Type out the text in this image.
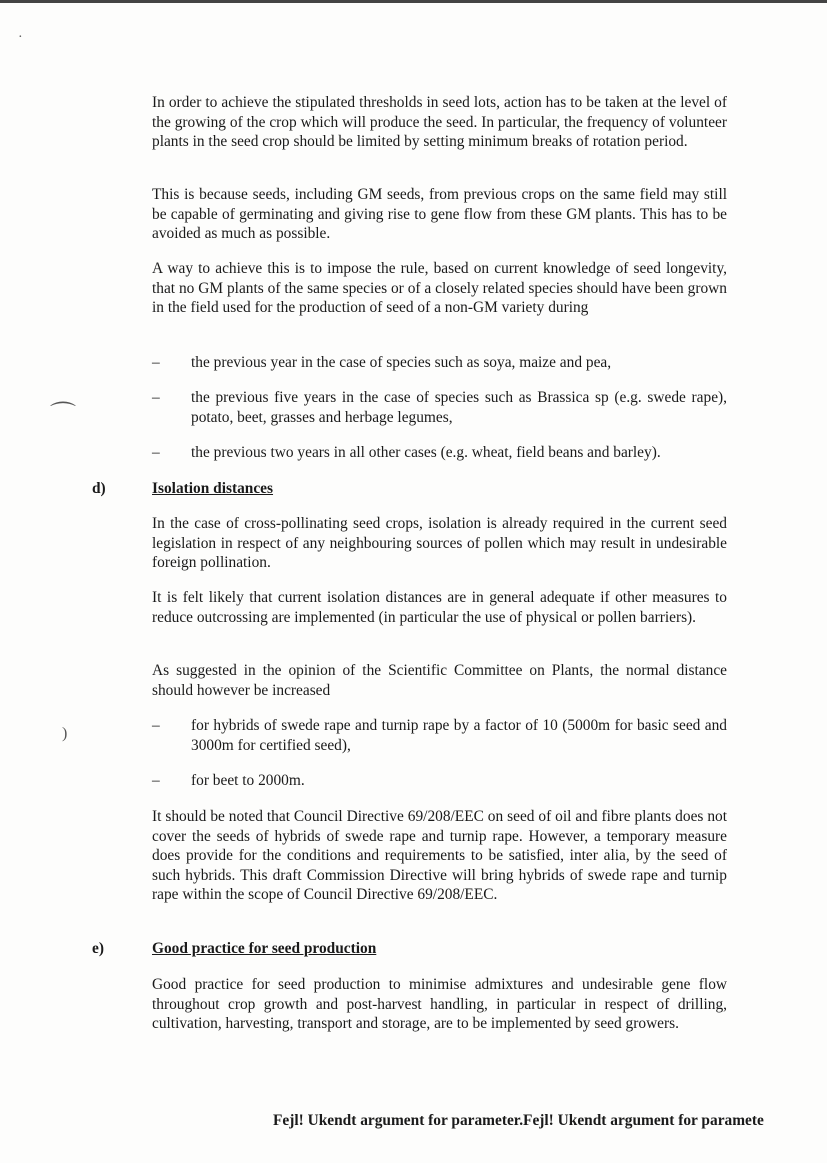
·
⌒
)
In order to achieve the stipulated thresholds in seed lots, action has to be taken at the level of the growing of the crop which will produce the seed. In particular, the frequency of volunteer plants in the seed crop should be limited by setting minimum breaks of rotation period.
This is because seeds, including GM seeds, from previous crops on the same field may still be capable of germinating and giving rise to gene flow from these GM plants. This has to be avoided as much as possible.
A way to achieve this is to impose the rule, based on current knowledge of seed longevity, that no GM plants of the same species or of a closely related species should have been grown in the field used for the production of seed of a non-GM variety during
– the previous year in the case of species such as soya, maize and pea,
– the previous five years in the case of species such as Brassica sp (e.g. swede rape), potato, beet, grasses and herbage legumes,
– the previous two years in all other cases (e.g. wheat, field beans and barley).
d)	Isolation distances
In the case of cross-pollinating seed crops, isolation is already required in the current seed legislation in respect of any neighbouring sources of pollen which may result in undesirable foreign pollination.
It is felt likely that current isolation distances are in general adequate if other measures to reduce outcrossing are implemented (in particular the use of physical or pollen barriers).
As suggested in the opinion of the Scientific Committee on Plants, the normal distance should however be increased
– for hybrids of swede rape and turnip rape by a factor of 10 (5000m for basic seed and 3000m for certified seed),
– for beet to 2000m.
It should be noted that Council Directive 69/208/EEC on seed of oil and fibre plants does not cover the seeds of hybrids of swede rape and turnip rape. However, a temporary measure does provide for the conditions and requirements to be satisfied, inter alia, by the seed of such hybrids. This draft Commission Directive will bring hybrids of swede rape and turnip rape within the scope of Council Directive 69/208/EEC.
e)	Good practice for seed production
Good practice for seed production to minimise admixtures and undesirable gene flow throughout crop growth and post-harvest handling, in particular in respect of drilling, cultivation, harvesting, transport and storage, are to be implemented by seed growers.
Fejl! Ukendt argument for parameter.Fejl! Ukendt argument for paramete
